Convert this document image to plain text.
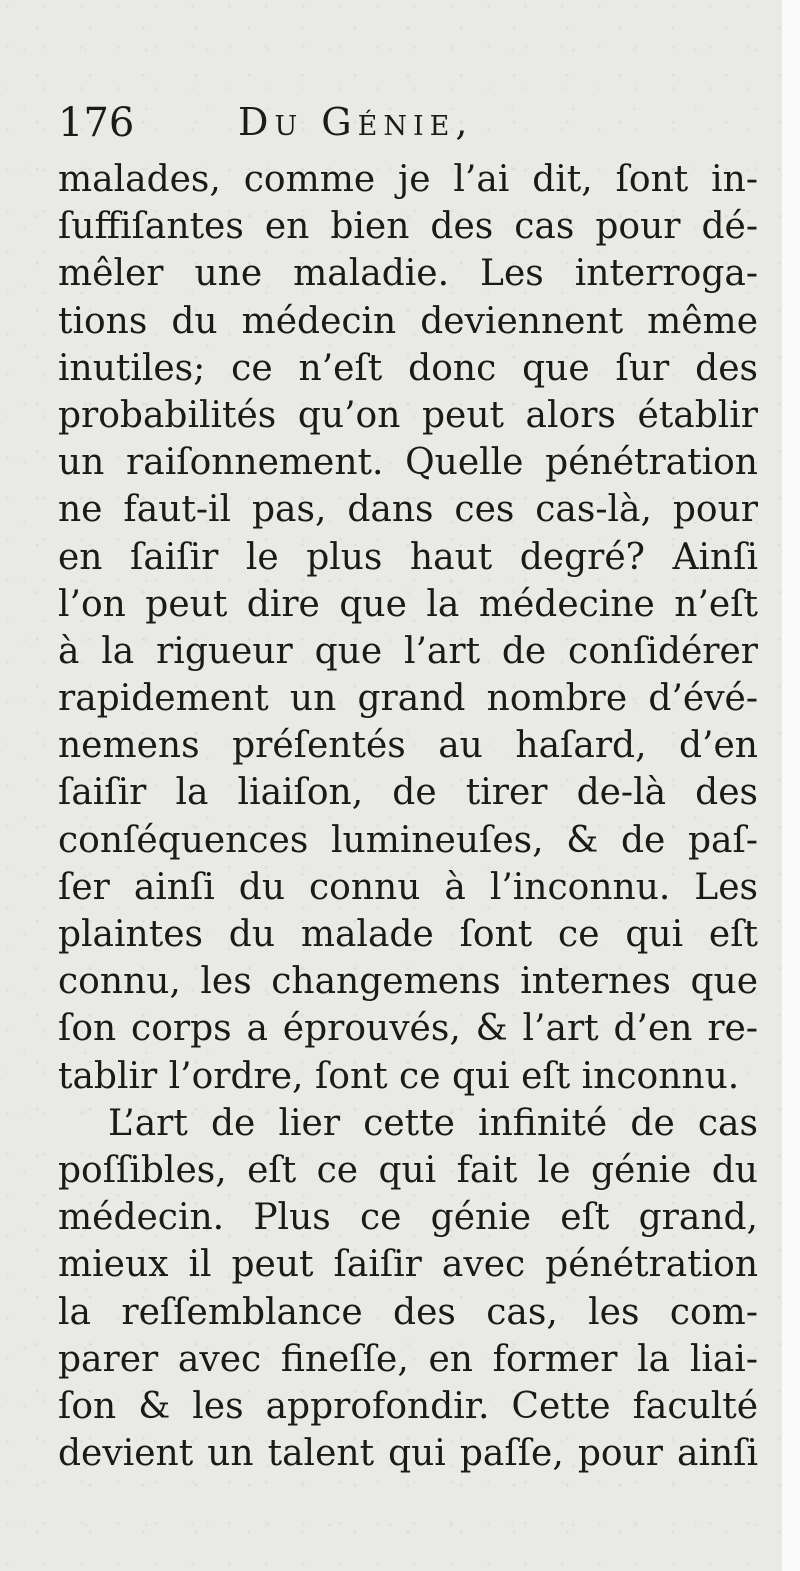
176	Du Génie,
malades, comme je l’ai dit, ſont in-
ſuffiſantes en bien des cas pour dé-
mêler une maladie. Les interroga-
tions du médecin deviennent même
inutiles; ce n’eſt donc que ſur des
probabilités qu’on peut alors établir
un raiſonnement. Quelle pénétration
ne faut-il pas, dans ces cas-là, pour
en ſaiſir le plus haut degré? Ainſi
l’on peut dire que la médecine n’eſt
à la rigueur que l’art de conſidérer
rapidement un grand nombre d’évé-
nemens préſentés au haſard, d’en
ſaiſir la liaiſon, de tirer de-là des
conſéquences lumineuſes, & de paſ-
ſer ainſi du connu à l’inconnu. Les
plaintes du malade ſont ce qui eſt
connu, les changemens internes que
ſon corps a éprouvés, & l’art d’en re-
tablir l’ordre, ſont ce qui eſt inconnu.
L’art de lier cette infinité de cas
poſſibles, eſt ce qui fait le génie du
médecin. Plus ce génie eſt grand,
mieux il peut ſaiſir avec pénétration
la reſſemblance des cas, les com-
parer avec fineſſe, en former la liai-
ſon & les approfondir. Cette faculté
devient un talent qui paſſe, pour ainſi
